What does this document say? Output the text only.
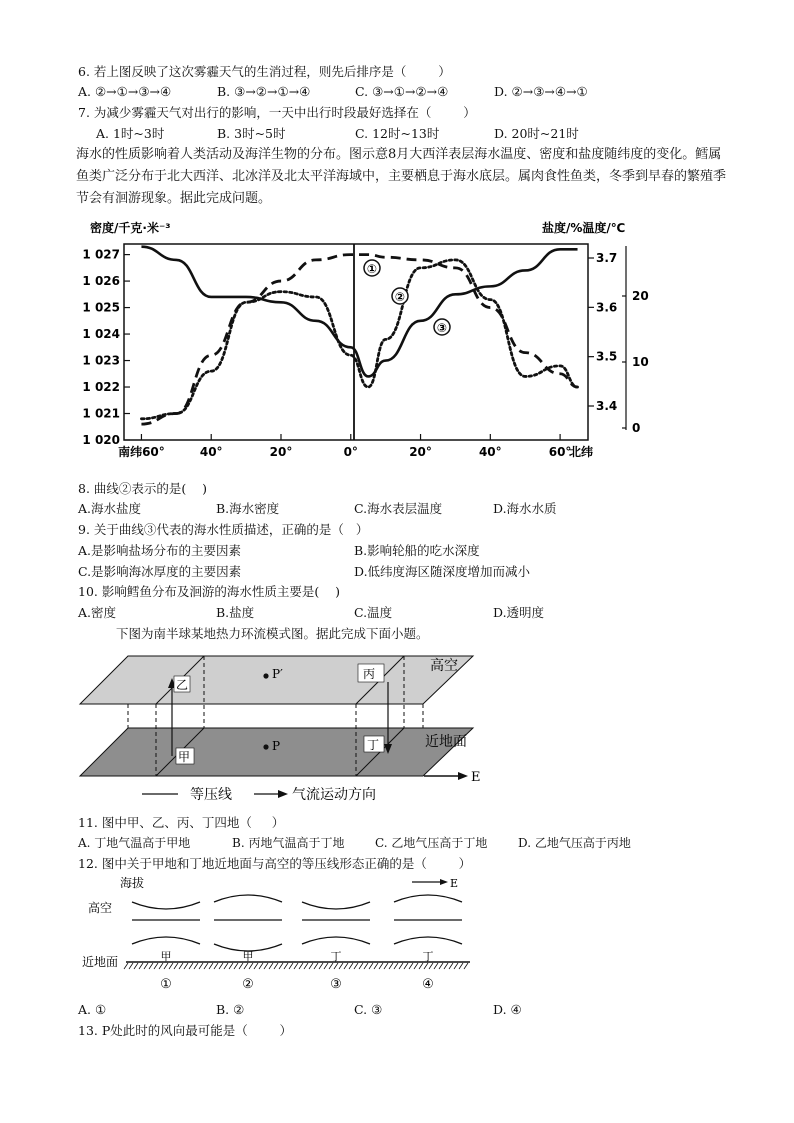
6. 若上图反映了这次雾霾天气的生消过程，则先后排序是（        ）
A. ②→①→③→④	B. ③→②→①→④	C. ③→①→②→④	D. ②→③→④→①
7. 为减少雾霾天气对出行的影响，一天中出行时段最好选择在（        ）
A. 1时~3时	B. 3时~5时	C. 12时~13时	D. 20时~21时
海水的性质影响着人类活动及海洋生物的分布。图示意8月大西洋表层海水温度、密度和盐度随纬度的变化。鳕属鱼类广泛分布于北大西洋、北冰洋及北太平洋海域中，主要栖息于海水底层。属肉食性鱼类，冬季到早春的繁殖季节会有洄游现象。据此完成问题。
密度/千克·米⁻³	盐度/%温度/℃
1 027
1 026
1 025
1 024
1 023
1 022
1 021
1 020
3.7
3.6
3.5
3.4
20
10
0
南纬60°	40°	20°	0°	20°	40°	60°
北纬
①
②
③
8. 曲线②表示的是(    )
A.海水盐度	B.海水密度	C.海水表层温度	D.海水水质
9. 关于曲线③代表的海水性质描述，正确的是（   ）
A.是影响盐场分布的主要因素	B.影响轮船的吃水深度
C.是影响海冰厚度的主要因素	D.低纬度海区随深度增加而减小
10. 影响鳕鱼分布及洄游的海水性质主要是(    )
A.密度	B.盐度	C.温度	D.透明度
下图为南半球某地热力环流模式图。据此完成下面小题。
乙
丙
甲
丁
P′
P
高空
近地面
E
等压线	气流运动方向
11. 图中甲、乙、丙、丁四地（     ）
A. 丁地气温高于甲地	B. 丙地气温高于丁地	C. 乙地气压高于丁地	D. 乙地气压高于丙地
12. 图中关于甲地和丁地近地面与高空的等压线形态正确的是（        ）
海拔	E
高空
近地面	甲
①
甲
②
丁
③
丁
④
A. ①	B. ②	C. ③	D. ④
13. P处此时的风向最可能是（        ）
